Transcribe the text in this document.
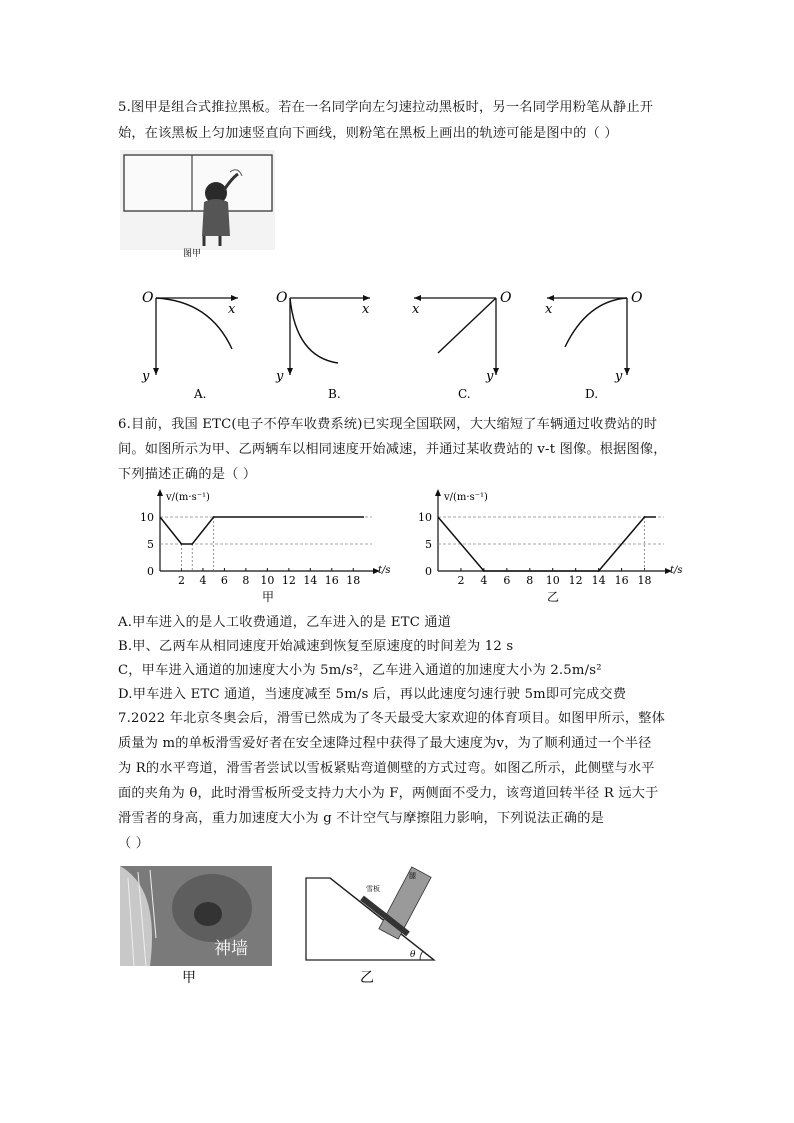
5.图甲是组合式推拉黑板。若在一名同学向左匀速拉动黑板时，另一名同学用粉笔从静止开
始，在该黑板上匀加速竖直向下画线，则粉笔在黑板上画出的轨迹可能是图中的（ ）
图甲
O
x
y
A.
O
x
y
B.
O
x
y
C.
O
x
y
D.
6.目前，我国 ETC(电子不停车收费系统)已实现全国联网，大大缩短了车辆通过收费站的时
间。如图所示为甲、乙两辆车以相同速度开始减速，并通过某收费站的 v-t 图像。根据图像，
下列描述正确的是（ ）
0
5
10
2 4 6 8 10 12 14 16 18
v/(m·s⁻¹)
t/s
甲
0
5
10
2 4 6 8 10 12 14 16 18
v/(m·s⁻¹)
t/s
乙
A.甲车进入的是人工收费通道，乙车进入的是 ETC 通道
B.甲、乙两车从相同速度开始减速到恢复至原速度的时间差为 12 s
C，甲车进入通道的加速度大小为 5m/s²，乙车进入通道的加速度大小为 2.5m/s²
D.甲车进入 ETC 通道，当速度减至 5m/s 后，再以此速度匀速行驶 5m即可完成交费
7.2022 年北京冬奥会后，滑雪已然成为了冬天最受大家欢迎的体育项目。如图甲所示，整体
质量为 m的单板滑雪爱好者在安全速降过程中获得了最大速度为v，为了顺利通过一个半径
为 R的水平弯道，滑雪者尝试以雪板紧贴弯道侧壁的方式过弯。如图乙所示，此侧壁与水平
面的夹角为 θ，此时滑雪板所受支持力大小为 F，两侧面不受力，该弯道回转半径 R 远大于
滑雪者的身高，重力加速度大小为 g 不计空气与摩擦阻力影响，下列说法正确的是
（ ）
神墙
甲
雪板
腿
θ
乙
